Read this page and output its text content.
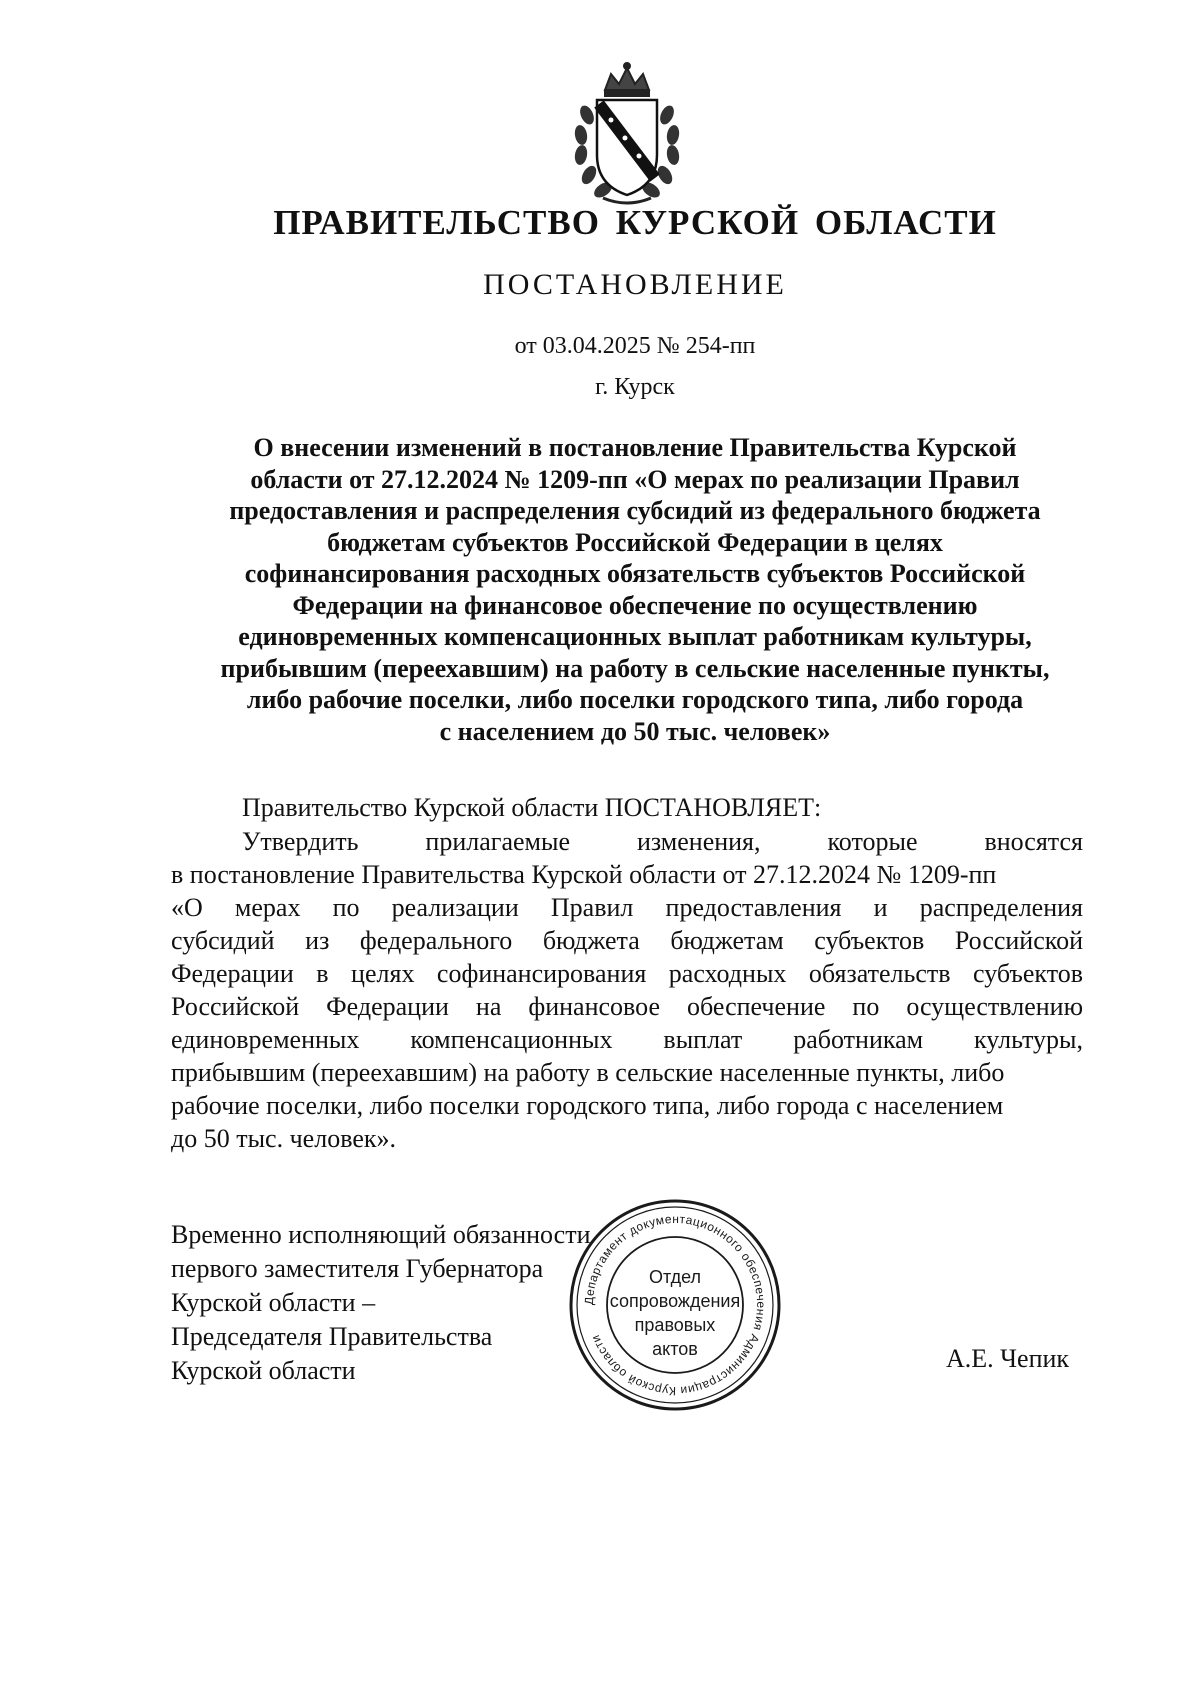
ПРАВИТЕЛЬСТВО КУРСКОЙ ОБЛАСТИ
ПОСТАНОВЛЕНИЕ
от 03.04.2025 № 254-пп
г. Курск
О внесении изменений в постановление Правительства Курской
области от 27.12.2024 № 1209-пп «О мерах по реализации Правил
предоставления и распределения субсидий из федерального бюджета
бюджетам субъектов Российской Федерации в целях
софинансирования расходных обязательств субъектов Российской
Федерации на финансовое обеспечение по осуществлению
единовременных компенсационных выплат работникам культуры,
прибывшим (переехавшим) на работу в сельские населенные пункты,
либо рабочие поселки, либо поселки городского типа, либо города
с населением до 50 тыс. человек»
Правительство Курской области ПОСТАНОВЛЯЕТ:
Утвердить прилагаемые изменения, которые вносятся
в постановление Правительства Курской области от 27.12.2024 № 1209-пп
«О мерах по реализации Правил предоставления и распределения
субсидий из федерального бюджета бюджетам субъектов Российской
Федерации в целях софинансирования расходных обязательств субъектов
Российской Федерации на финансовое обеспечение по осуществлению
единовременных компенсационных выплат работникам культуры,
прибывшим (переехавшим) на работу в сельские населенные пункты, либо
рабочие поселки, либо поселки городского типа, либо города с населением
до 50 тыс. человек».
Временно исполняющий обязанности
первого заместителя Губернатора
Курской области –
Председателя Правительства
Курской области
Департамент документационного обеспечения Администрации Курской области
Отдел
сопровождения
правовых
актов	А.Е. Чепик
